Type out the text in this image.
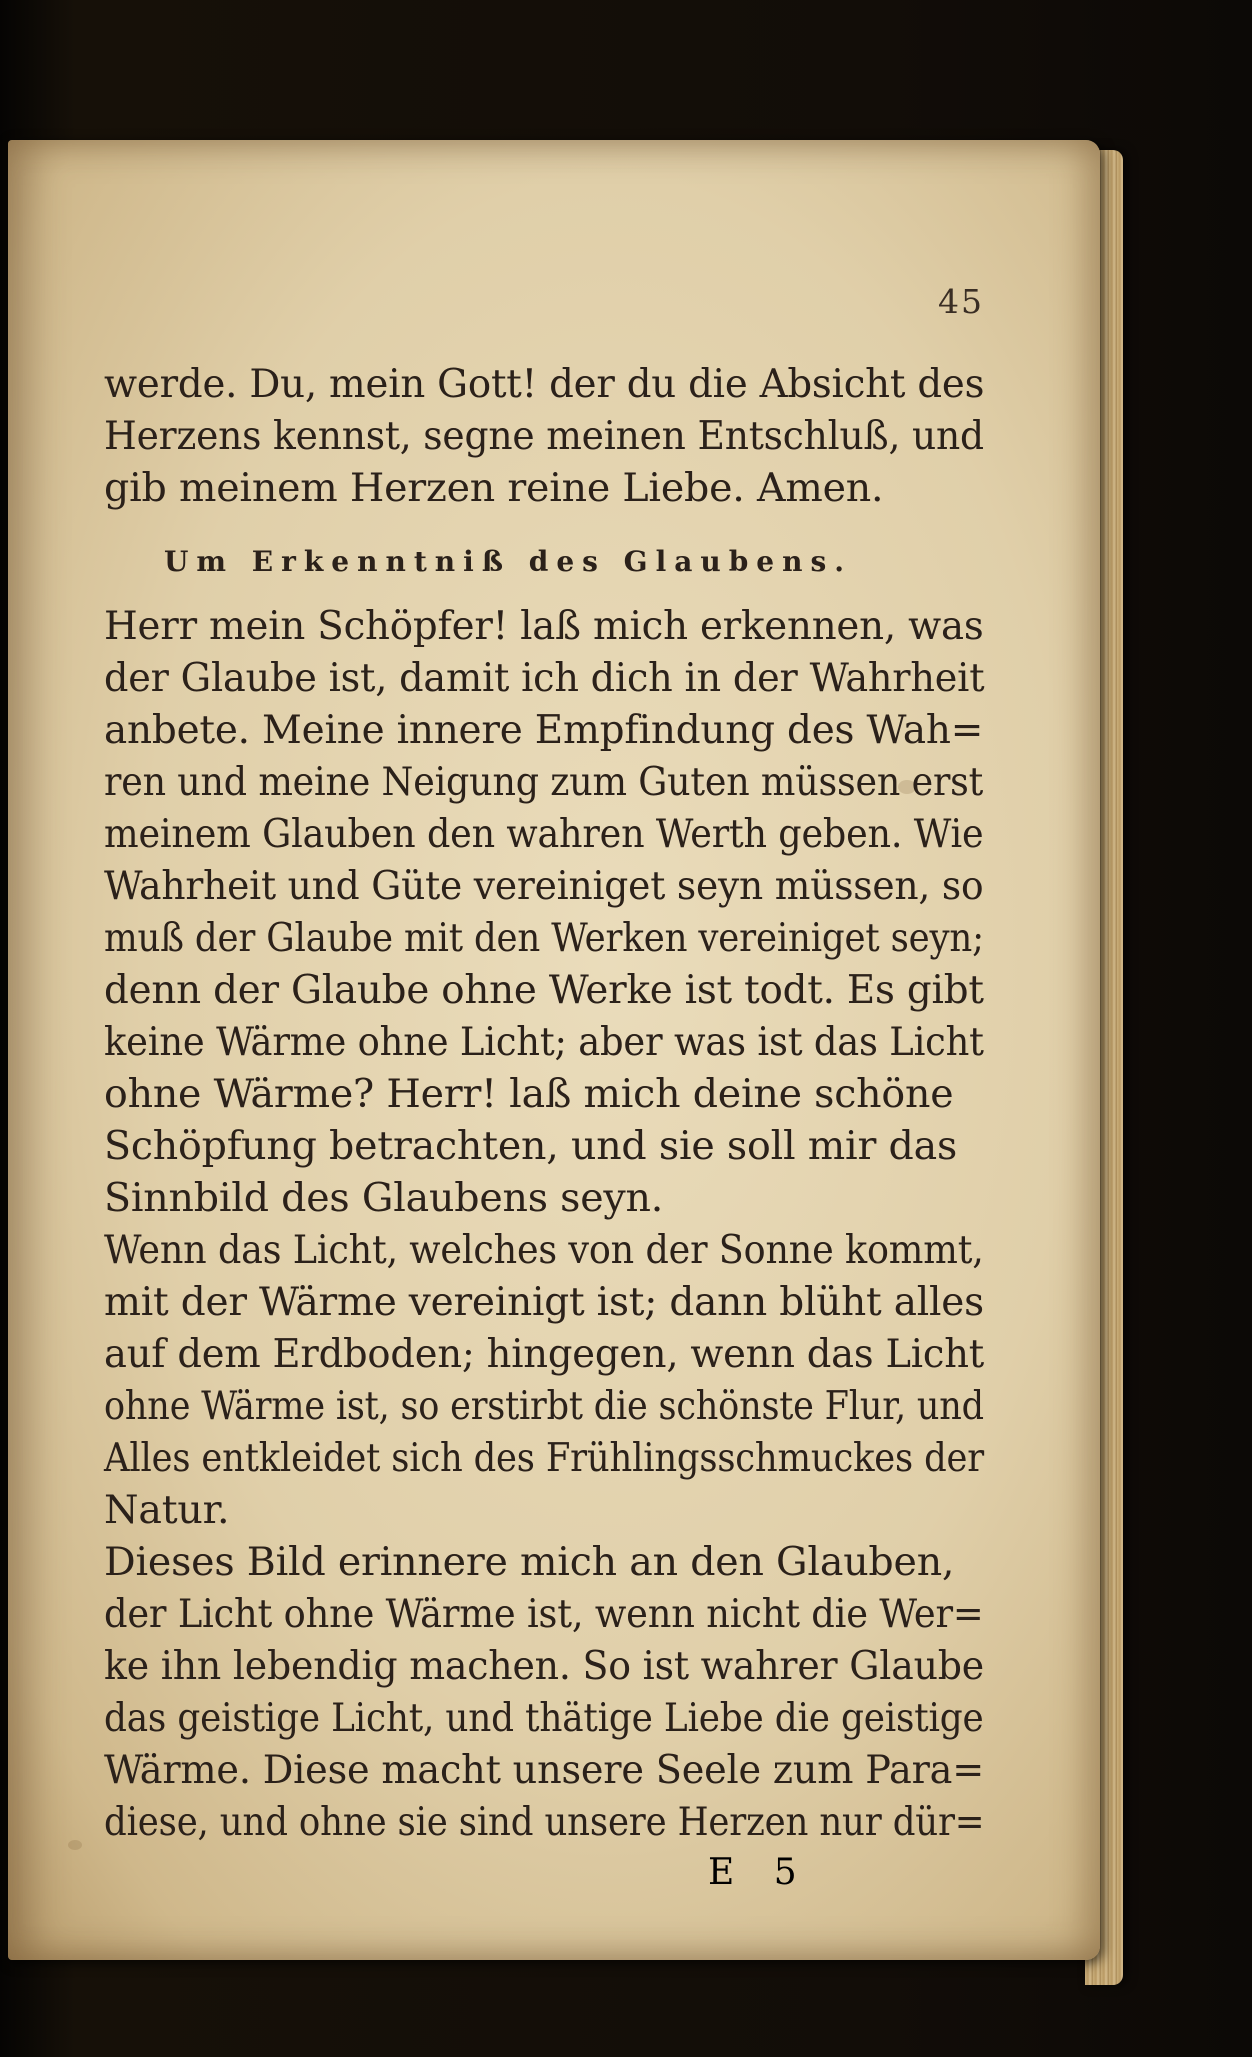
45
werde. Du, mein Gott! der du die Absicht des
Herzens kennst, segne meinen Entschluß, und
gib meinem Herzen reine Liebe. Amen.
Um Erkenntniß des Glaubens.
Herr mein Schöpfer! laß mich erkennen, was
der Glaube ist, damit ich dich in der Wahrheit
anbete. Meine innere Empfindung des Wah=
ren und meine Neigung zum Guten müssen erst
meinem Glauben den wahren Werth geben. Wie
Wahrheit und Güte vereiniget seyn müssen, so
muß der Glaube mit den Werken vereiniget seyn;
denn der Glaube ohne Werke ist todt. Es gibt
keine Wärme ohne Licht; aber was ist das Licht
ohne Wärme? Herr! laß mich deine schöne
Schöpfung betrachten, und sie soll mir das
Sinnbild des Glaubens seyn.
Wenn das Licht, welches von der Sonne kommt,
mit der Wärme vereinigt ist; dann blüht alles
auf dem Erdboden; hingegen, wenn das Licht
ohne Wärme ist, so erstirbt die schönste Flur, und
Alles entkleidet sich des Frühlingsschmuckes der
Natur.
Dieses Bild erinnere mich an den Glauben,
der Licht ohne Wärme ist, wenn nicht die Wer=
ke ihn lebendig machen. So ist wahrer Glaube
das geistige Licht, und thätige Liebe die geistige
Wärme. Diese macht unsere Seele zum Para=
diese, und ohne sie sind unsere Herzen nur dür=
E 5
